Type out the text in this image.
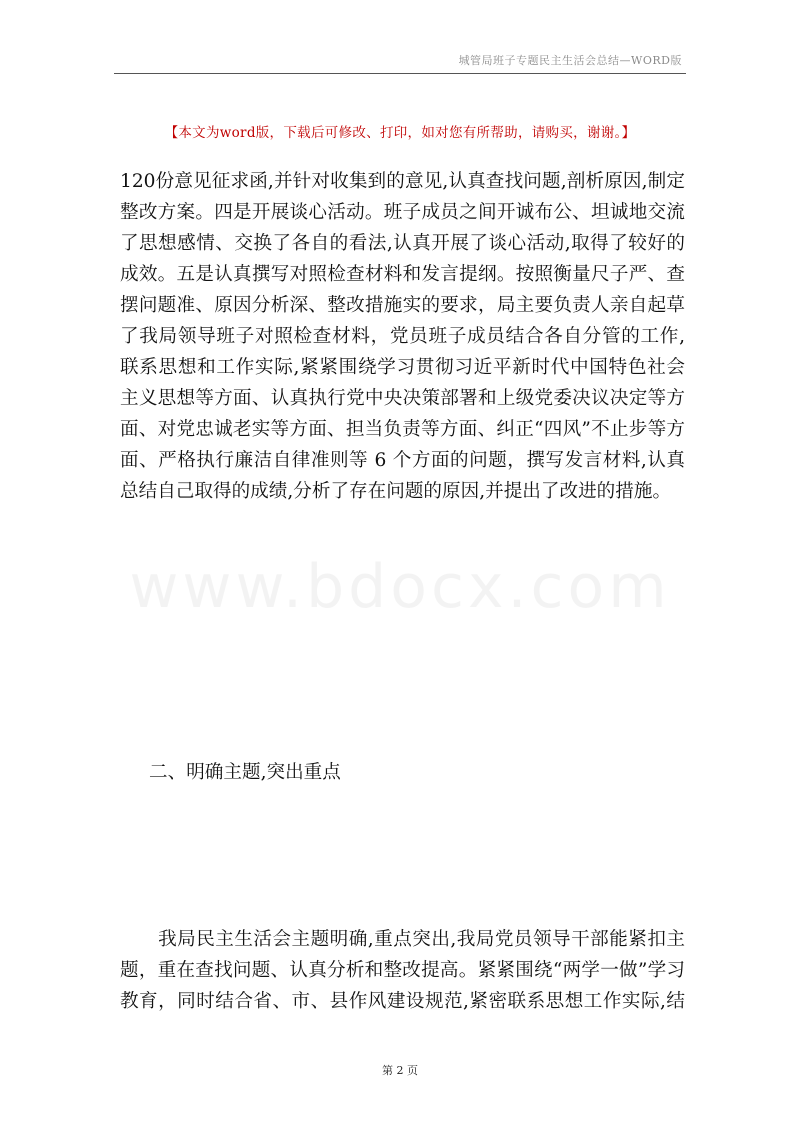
城管局班子专题民主生活会总结—WORD版
【本文为word版，下载后可修改、打印，如对您有所帮助，请购买，谢谢。】
120份意见征求函,并针对收集到的意见,认真查找问题,剖析原因,制定
整改方案。四是开展谈心活动。班子成员之间开诚布公、坦诚地交流
了思想感情、交换了各自的看法,认真开展了谈心活动,取得了较好的
成效。五是认真撰写对照检查材料和发言提纲。按照衡量尺子严、查
摆问题准、原因分析深、整改措施实的要求，局主要负责人亲自起草
了我局领导班子对照检查材料，党员班子成员结合各自分管的工作,
联系思想和工作实际,紧紧围绕学习贯彻习近平新时代中国特色社会
主义思想等方面、认真执行党中央决策部署和上级党委决议决定等方
面、对党忠诚老实等方面、担当负责等方面、纠正“四风”不止步等方
面、严格执行廉洁自律准则等 6 个方面的问题，撰写发言材料,认真
总结自己取得的成绩,分析了存在问题的原因,并提出了改进的措施。
二、明确主题,突出重点
　　我局民主生活会主题明确,重点突出,我局党员领导干部能紧扣主
题，重在查找问题、认真分析和整改提高。紧紧围绕“两学一做”学习
教育，同时结合省、市、县作风建设规范,紧密联系思想工作实际,结
第 2 页
